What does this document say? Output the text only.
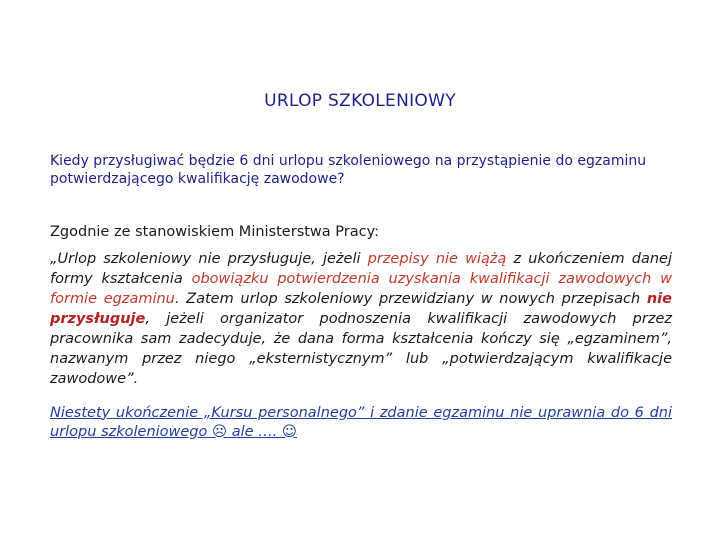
URLOP SZKOLENIOWY
Kiedy przysługiwać będzie 6 dni urlopu szkoleniowego na przystąpienie do egzaminu potwierdzającego kwalifikację zawodowe?

Zgodnie ze stanowiskiem Ministerstwa Pracy:

„Urlop szkoleniowy nie przysługuje, jeżeli przepisy nie wiążą z ukończeniem danej formy kształcenia obowiązku potwierdzenia uzyskania kwalifikacji zawodowych w formie egzaminu. Zatem urlop szkoleniowy przewidziany w nowych przepisach nie przysługuje, jeżeli organizator podnoszenia kwalifikacji zawodowych przez pracownika sam zadecyduje, że dana forma kształcenia kończy się „egzaminem”, nazwanym przez niego „eksternistycznym” lub „potwierdzającym kwalifikacje zawodowe”.

Niestety ukończenie „Kursu personalnego” i zdanie egzaminu nie uprawnia do 6 dni urlopu szkoleniowego ☹ ale …. ☺
